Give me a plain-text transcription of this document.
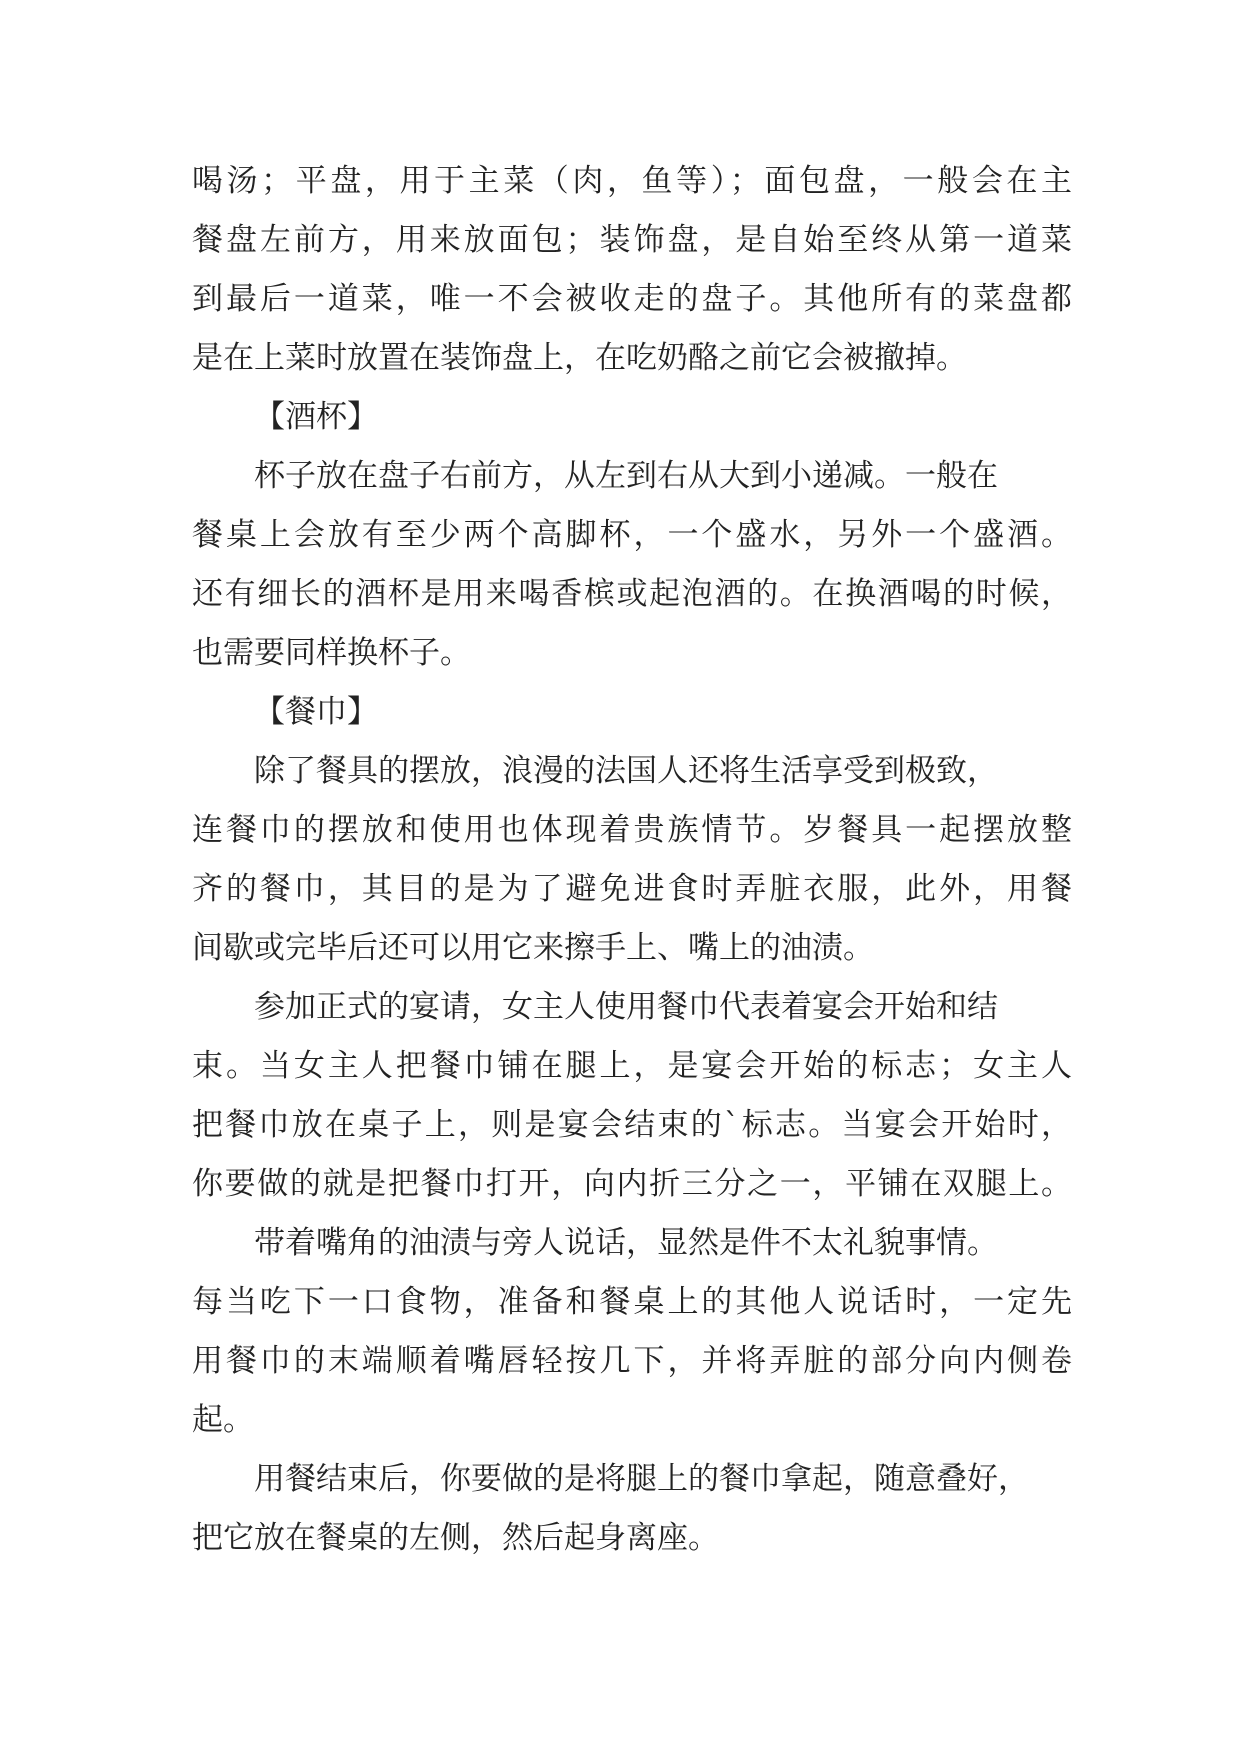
喝汤；平盘，用于主菜（肉，鱼等）；面包盘，一般会在主
餐盘左前方，用来放面包；装饰盘，是自始至终从第一道菜
到最后一道菜，唯一不会被收走的盘子。其他所有的菜盘都
是在上菜时放置在装饰盘上，在吃奶酪之前它会被撤掉。
【酒杯】
杯子放在盘子右前方，从左到右从大到小递减。一般在
餐桌上会放有至少两个高脚杯，一个盛水，另外一个盛酒。
还有细长的酒杯是用来喝香槟或起泡酒的。在换酒喝的时候，
也需要同样换杯子。
【餐巾】
除了餐具的摆放，浪漫的法国人还将生活享受到极致，
连餐巾的摆放和使用也体现着贵族情节。岁餐具一起摆放整
齐的餐巾，其目的是为了避免进食时弄脏衣服，此外，用餐
间歇或完毕后还可以用它来擦手上、嘴上的油渍。
参加正式的宴请，女主人使用餐巾代表着宴会开始和结
束。当女主人把餐巾铺在腿上，是宴会开始的标志；女主人
把餐巾放在桌子上，则是宴会结束的`标志。当宴会开始时，
你要做的就是把餐巾打开，向内折三分之一，平铺在双腿上。
带着嘴角的油渍与旁人说话，显然是件不太礼貌事情。
每当吃下一口食物，准备和餐桌上的其他人说话时，一定先
用餐巾的末端顺着嘴唇轻按几下，并将弄脏的部分向内侧卷
起。
用餐结束后，你要做的是将腿上的餐巾拿起，随意叠好，
把它放在餐桌的左侧，然后起身离座。
